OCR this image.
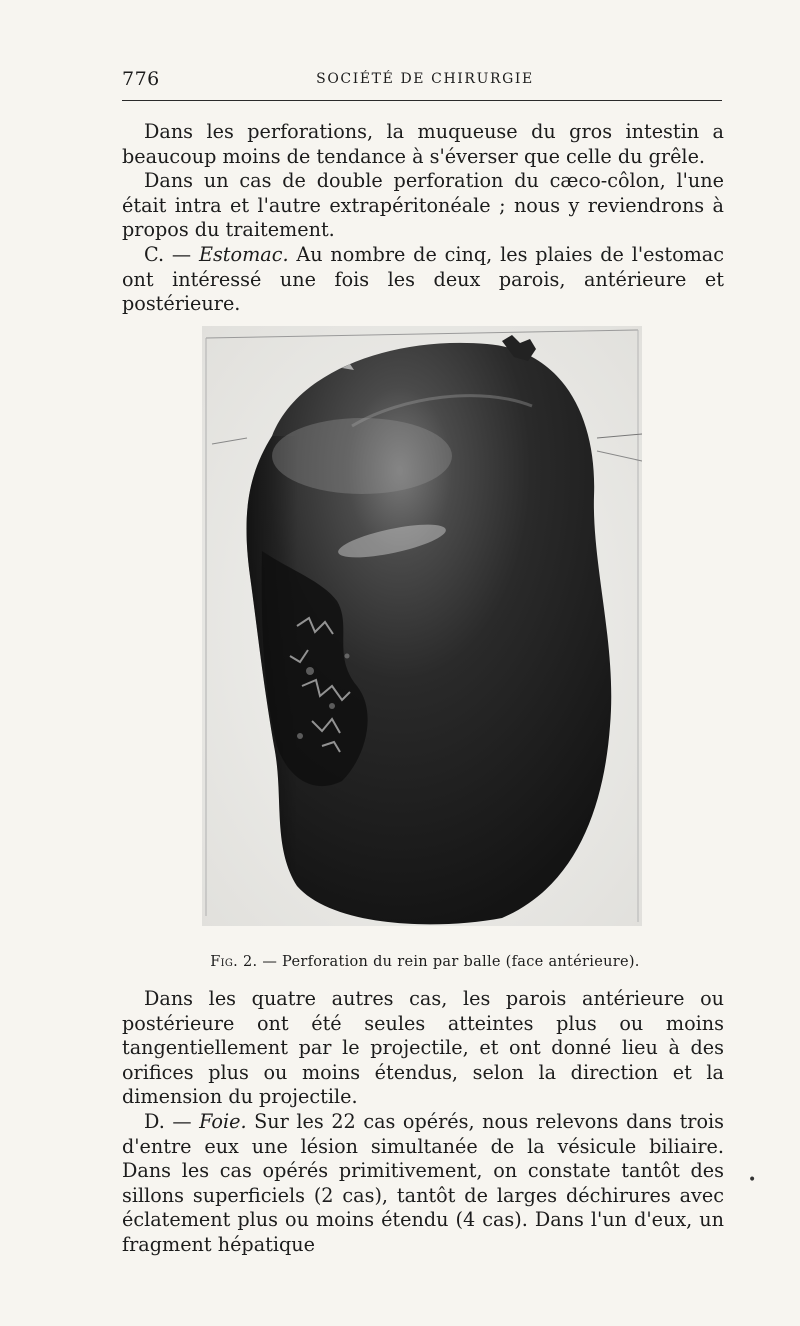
776	SOCIÉTÉ DE CHIRURGIE

Dans les perforations, la muqueuse du gros intestin a beaucoup moins de tendance à s'éverser que celle du grêle.

Dans un cas de double perforation du cæco-côlon, l'une était intra et l'autre extrapéritonéale ; nous y reviendrons à propos du traitement.

C. — Estomac. Au nombre de cinq, les plaies de l'estomac ont intéressé une fois les deux parois, antérieure et postérieure.

Fig. 2. — Perforation du rein par balle (face antérieure).

Dans les quatre autres cas, les parois antérieure ou postérieure ont été seules atteintes plus ou moins tangentiellement par le projectile, et ont donné lieu à des orifices plus ou moins étendus, selon la direction et la dimension du projectile.

D. — Foie. Sur les 22 cas opérés, nous relevons dans trois d'entre eux une lésion simultanée de la vésicule biliaire. Dans les cas opérés primitivement, on constate tantôt des sillons superficiels (2 cas), tantôt de larges déchirures avec éclatement plus ou moins étendu (4 cas). Dans l'un d'eux, un fragment hépatique

•
